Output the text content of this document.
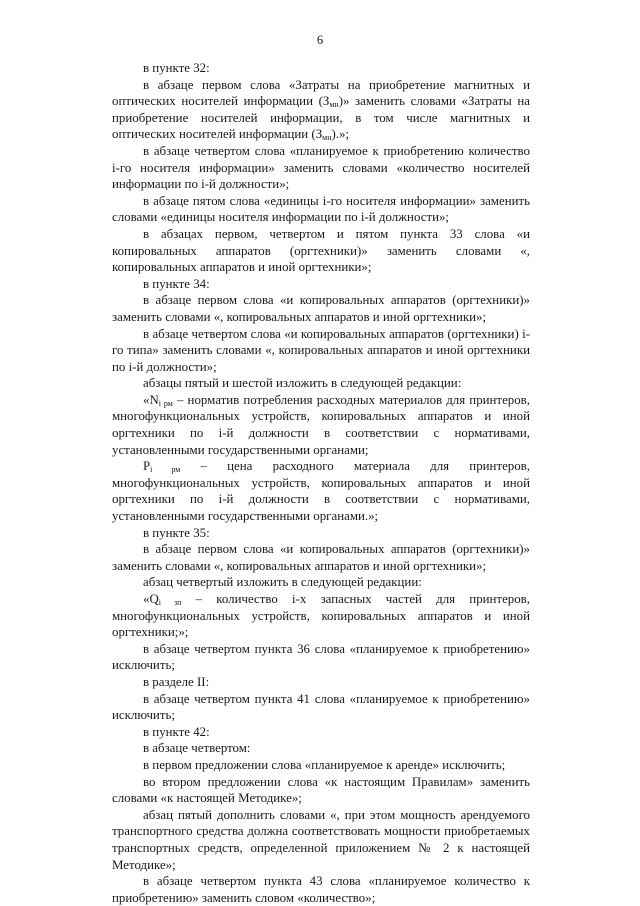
6

в пункте 32:

в абзаце первом слова «Затраты на приобретение магнитных и оптических носителей информации $(З_{мн})$» заменить словами «Затраты на приобретение носителей информации, в том числе магнитных и оптических носителей информации $(З_{мн})$.»;

в абзаце четвертом слова «планируемое к приобретению количество i-го носителя информации» заменить словами «количество носителей информации по i-й должности»;

в абзаце пятом слова «единицы i-го носителя информации» заменить словами «единицы носителя информации по i-й должности»;

в абзацах первом, четвертом и пятом пункта 33 слова «и копировальных аппаратов (оргтехники)» заменить словами «, копировальных аппаратов и иной оргтехники»;

в пункте 34:

в абзаце первом слова «и копировальных аппаратов (оргтехники)» заменить словами «, копировальных аппаратов и иной оргтехники»;

в абзаце четвертом слова «и копировальных аппаратов (оргтехники) i-го типа» заменить словами «, копировальных аппаратов и иной оргтехники по i-й должности»;

абзацы пятый и шестой изложить в следующей редакции:

«$N_{i рм}$ – норматив потребления расходных материалов для принтеров, многофункциональных устройств, копировальных аппаратов и иной оргтехники по i-й должности в соответствии с нормативами, установленными государственными органами;

$P_{i рм}$ – цена расходного материала для принтеров, многофункциональных устройств, копировальных аппаратов и иной оргтехники по i-й должности в соответствии с нормативами, установленными государственными органами.»;

в пункте 35:

в абзаце первом слова «и копировальных аппаратов (оргтехники)» заменить словами «, копировальных аппаратов и иной оргтехники»;

абзац четвертый изложить в следующей редакции:

«$Q_{i зп}$ – количество i-х запасных частей для принтеров, многофункциональных устройств, копировальных аппаратов и иной оргтехники;»;

в абзаце четвертом пункта 36 слова «планируемое к приобретению» исключить;

в разделе II:

в абзаце четвертом пункта 41 слова «планируемое к приобретению» исключить;

в пункте 42:

в абзаце четвертом:

в первом предложении слова «планируемое к аренде» исключить;

во втором предложении слова «к настоящим Правилам» заменить словами «к настоящей Методике»;

абзац пятый дополнить словами «, при этом мощность арендуемого транспортного средства должна соответствовать мощности приобретаемых транспортных средств, определенной приложением № 2 к настоящей Методике»;

в абзаце четвертом пункта 43 слова «планируемое количество к приобретению» заменить словом «количество»;
